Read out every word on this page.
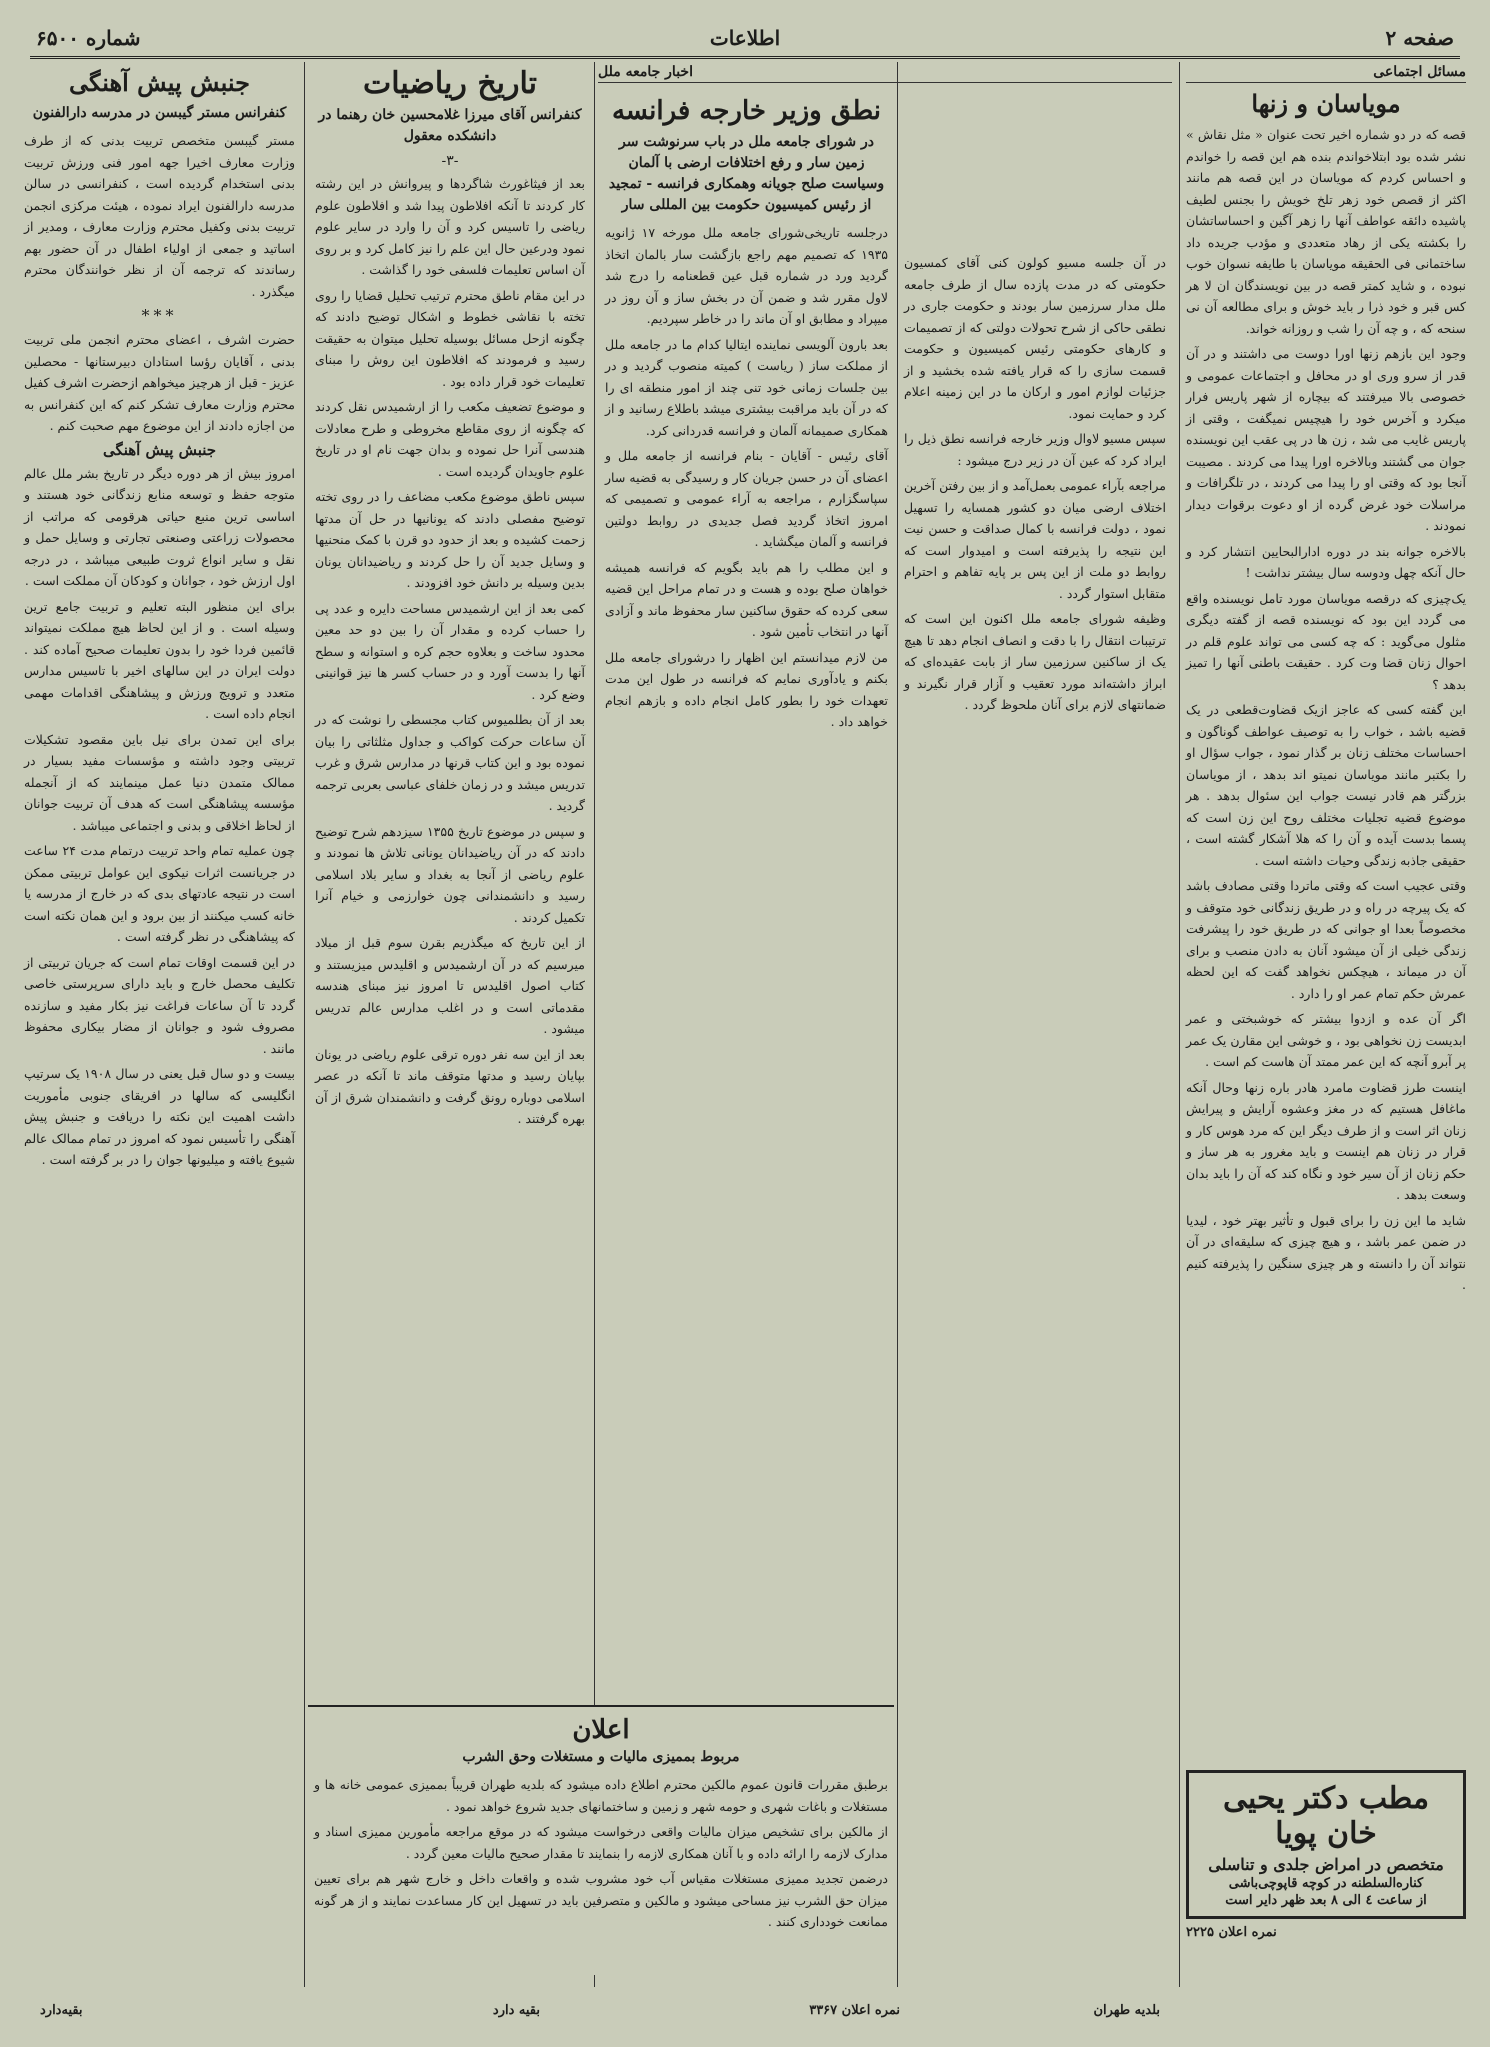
صفحه ۲
اطلاعات
شماره ۶۵۰۰
مسائل اجتماعی
مویاسان و زنها

قصه که در دو شماره اخیر تحت عنوان « مثل نقاش » نشر شده بود ابتلاخواندم بنده هم این قصه را خواندم و احساس کردم که مویاسان در این قصه هم مانند اکثر از قصص خود زهر تلخ خویش را بجنس لطیف پاشیده دائقه عواطف آنها را زهر آگین و احساساتشان را بکشته یکی از رهاد متعددی و مؤدب جریده داد ساختمانی فی الحقیقه مویاسان با طایفه نسوان خوب نبوده ، و شاید کمتر قصه در بین نویسندگان ان لا هر کس قبر و خود ذرا ر باید خوش و برای مطالعه آن نی سنحه که ، و چه آن را شب و روزانه خواند.

وجود این بازهم زنها اورا دوست می داشتند و در آن قدر از سرو وری او در محافل و اجتماعات عمومی و خصوصی بالا میرفتند که بیچاره از شهر پاریس فرار میکرد و آخرس خود را هیچیس نمیگفت ، وقتی از پاریس غایب می شد ، زن ها در پی عقب این نویسنده جوان می گشتند وبالاخره اورا پیدا می کردند . مصیبت آنجا بود که وقتی او را پیدا می کردند ، در تلگرافات و مراسلات خود غرض گرده از او دعوت برقوات دیدار نمودند .

بالاخره جوانه بند در دوره ادارالبحایین انتشار کرد و حال آنکه چهل ودوسه سال بیشتر نداشت !

یک‌چیزی که درقصه مویاسان مورد تامل نویسنده واقع می گردد این بود که نویسنده قصه از گفته دیگری مثلول می‌گوید : که چه کسی می تواند علوم قلم در احوال زنان قضا وت کرد . حقیقت باطنی آنها را تمیز بدهد ؟

این گفته کسی که عاجز ازیک قضاوت‌قطعی در یک قضیه باشد ، خواب را به توصیف عواطف گوناگون و احساسات مختلف زنان بر گذار نمود ، جواب سؤال او را بکتبر مانند مویاسان نمیتو اند بدهد ، از مویاسان بزرگتر هم قادر نیست جواب این سئوال بدهد . هر موضوع قضیه تجلیات مختلف روح این زن است که پسما بدست آیده و آن را که هلا آشکار گشته است ، حقیقی جاذبه زندگی وحیات داشته است .

وقتی عجیب است که وقتی ماتردا وقتی مصادف باشد که یک پیرچه در راه و در طریق زندگانی خود متوقف و مخصوصاً بعدا او جوانی که در طریق خود را پیشرفت زندگی خیلی از آن میشود آنان به دادن منصب و برای آن در میماند ، هیچکس نخواهد گفت که این لحظه عمرش حکم تمام عمر او را دارد .

اگر آن عده و ازدوا بیشتر که خوشبختی و عمر ابدیست زن نخواهی بود ، و خوشی این مقارن یک عمر پر آبرو آنچه که این عمر ممتد آن هاست کم است .

اینست طرز قضاوت مامرد هادر باره زنها وحال آنکه ماغافل هستیم که در مغز وعشوه آرایش و پیرایش زنان اثر است و از طرف دیگر این که مرد هوس کار و قرار در زنان هم اینست و باید مغرور به هر ساز و حکم زنان از آن سیر خود و نگاه کند که آن را باید بدان وسعت بدهد .

شاید ما این زن را برای قبول و تأثیر بهتر خود ، لیدیا در ضمن عمر باشد ، و هیچ چیزی که سلیقه‌ای در آن نتواند آن را دانسته و هر چیزی سنگین را پذیرفته کنیم .

مطب دکتر یحیی خان پویا
متخصص در امراض جلدی و تناسلی
کناره‌السلطنه در کوچه قاپوچی‌باشی
از ساعت ٤ الی ٨ بعد ظهر دایر است
نمره اعلان ۲۲۲۵
اخبار جامعه ملل
نطق وزیر خارجه فرانسه
در شورای جامعه ملل در باب سرنوشت سر زمین سار و رفع اختلافات ارضی با آلمان وسیاست صلح جویانه وهمکاری فرانسه - تمجید از رئیس کمیسیون حکومت بین المللی سار

درجلسه تاریخی‌شورای جامعه ملل مورخه ۱۷ ژانویه ۱۹۳۵ که تصمیم مهم راجع بازگشت سار بالمان اتخاذ گردید ورد در شماره قبل عین قطعنامه را درج شد لاول مقرر شد و ضمن آن در بخش ساز و آن روز در میپراد و مطابق او آن ماند را در خاطر سپردیم.

بعد بارون آلویسی نماینده ایتالیا کدام ما در جامعه ملل از مملکت ساز ( ریاست ) کمیته منصوب گردید و در بین جلسات زمانی خود تنی چند از امور منطقه ای را که در آن باید مراقبت بیشتری میشد باطلاع رسانید و از همکاری صمیمانه آلمان و فرانسه قدردانی کرد.

آقای رئیس - آقایان - بنام فرانسه از جامعه ملل و اعضای آن در حسن جریان کار و رسیدگی به قضیه سار سپاسگزارم ، مراجعه به آراء عمومی و تصمیمی که امروز اتخاذ گردید فصل جدیدی در روابط دولتین فرانسه و آلمان میگشاید .

و این مطلب را هم باید بگویم که فرانسه همیشه خواهان صلح بوده و هست و در تمام مراحل این قضیه سعی کرده که حقوق ساکنین سار محفوظ ماند و آزادی آنها در انتخاب تأمین شود .

من لازم میدانستم این اظهار را درشورای جامعه ملل بکنم و یادآوری نمایم که فرانسه در طول این مدت تعهدات خود را بطور کامل انجام داده و بازهم انجام خواهد داد .

در آن جلسه مسیو کولون کنی آقای کمسیون حکومتی که در مدت پازده سال از طرف جامعه ملل مدار سرزمین سار بودند و حکومت جاری در نطقی حاکی از شرح تحولات دولتی که از تصمیمات و کارهای حکومتی رئیس کمیسیون و حکومت قسمت سازی را که قرار یافته شده بخشید و از جزئیات لوازم امور و ارکان ما در این زمینه اعلام کرد و حمایت نمود.

سپس مسیو لاوال وزیر خارجه فرانسه نطق ذیل را ایراد کرد که عین آن در زیر درج میشود :

مراجعه بآراء عمومی بعمل‌آمد و از بین رفتن آخرین اختلاف ارضی میان دو کشور همسایه را تسهیل نمود ، دولت فرانسه با کمال صداقت و حسن نیت این نتیجه را پذیرفته است و امیدوار است که روابط دو ملت از این پس بر پایه تفاهم و احترام متقابل استوار گردد .

وظیفه شورای جامعه ملل اکنون این است که ترتیبات انتقال را با دقت و انصاف انجام دهد تا هیچ یک از ساکنین سرزمین سار از بابت عقیده‌ای که ابراز داشته‌اند مورد تعقیب و آزار قرار نگیرند و ضمانتهای لازم برای آنان ملحوظ گردد .

تاریخ ریاضیات
کنفرانس آقای میرزا غلامحسین خان رهنما در دانشکده معقول
-۳-

بعد از فیثاغورث شاگردها و پیروانش در این رشته کار کردند تا آنکه افلاطون پیدا شد و افلاطون علوم ریاضی را تاسیس کرد و آن را وارد در سایر علوم نمود ودرعین حال این علم را نیز کامل کرد و بر روی آن اساس تعلیمات فلسفی خود را گذاشت .

در این مقام ناطق محترم ترتیب تحلیل قضایا را روی تخته با نقاشی خطوط و اشکال توضیح دادند که چگونه ازحل مسائل بوسیله تحلیل میتوان به حقیقت رسید و فرمودند که افلاطون این روش را مبنای تعلیمات خود قرار داده بود .

و موضوع تضعیف مکعب را از ارشمیدس نقل کردند که چگونه از روی مقاطع مخروطی و طرح معادلات هندسی آنرا حل نموده و بدان جهت نام او در تاریخ علوم جاویدان گردیده است .

سپس ناطق موضوع مکعب مضاعف را در روی تخته توضیح مفصلی دادند که یونانیها در حل آن مدتها زحمت کشیده و بعد از حدود دو قرن با کمک منحنیها و وسایل جدید آن را حل کردند و ریاضیدانان یونان بدین وسیله بر دانش خود افزودند .

کمی بعد از این ارشمیدس مساحت دایره و عدد پی را حساب کرده و مقدار آن را بین دو حد معین محدود ساخت و بعلاوه حجم کره و استوانه و سطح آنها را بدست آورد و در حساب کسر ها نیز قوانینی وضع کرد .

بعد از آن بطلمیوس کتاب مجسطی را نوشت که در آن ساعات حرکت کواکب و جداول مثلثاتی را بیان نموده بود و این کتاب قرنها در مدارس شرق و غرب تدریس میشد و در زمان خلفای عباسی بعربی ترجمه گردید .

و سپس در موضوع تاریخ ۱۳۵۵ سیزدهم شرح توضیح دادند که در آن ریاضیدانان یونانی تلاش ها نمودند و علوم ریاضی از آنجا به بغداد و سایر بلاد اسلامی رسید و دانشمندانی چون خوارزمی و خیام آنرا تکمیل کردند .

از این تاریخ که میگذریم بقرن سوم قبل از میلاد میرسیم که در آن ارشمیدس و اقلیدس میزیستند و کتاب اصول اقلیدس تا امروز نیز مبنای هندسه مقدماتی است و در اغلب مدارس عالم تدریس میشود .

بعد از این سه نفر دوره ترقی علوم ریاضی در یونان بپایان رسید و مدتها متوقف ماند تا آنکه در عصر اسلامی دوباره رونق گرفت و دانشمندان شرق از آن بهره گرفتند .

جنبش پیش آهنگی
کنفرانس مستر گیبسن در مدرسه دارالفنون

مستر گیبسن متخصص تربیت بدنی که از طرف وزارت معارف اخیرا جهه امور فنی ورزش تربیت بدنی استخدام گردیده است ، کنفرانسی در سالن مدرسه دارالفنون ایراد نموده ، هیئت مرکزی انجمن تربیت بدنی وکفیل محترم وزارت معارف ، ومدیر از اساتید و جمعی از اولیاء اطفال در آن حضور بهم رساندند که ترجمه آن از نظر خوانندگان محترم میگذرد .

***

حضرت اشرف ، اعضای محترم انجمن ملی تربیت بدنی ، آقایان رؤسا استادان دبیرستانها - محصلین عزیز - قبل از هرچیز میخواهم ازحضرت اشرف کفیل محترم وزارت معارف تشکر کنم که این کنفرانس به من اجازه دادند از این موضوع مهم صحبت کنم .

جنبش پیش آهنگی

امروز بیش از هر دوره دیگر در تاریخ بشر ملل عالم متوجه حفظ و توسعه منابع زندگانی خود هستند و اساسی ترین منبع حیاتی هرقومی که مراتب از محصولات زراعتی وصنعتی تجارتی و وسایل حمل و نقل و سایر انواع ثروت طبیعی میباشد ، در درجه اول ارزش خود ، جوانان و کودکان آن مملکت است .

برای این منظور البته تعلیم و تربیت جامع ترین وسیله است . و از این لحاظ هیچ مملکت نمیتواند قائمین فردا خود را بدون تعلیمات صحیح آماده کند . دولت ایران در این سالهای اخیر با تاسیس مدارس متعدد و ترویج ورزش و پیشاهنگی اقدامات مهمی انجام داده است .

برای این تمدن برای نیل باین مقصود تشکیلات تربیتی وجود داشته و مؤسسات مفید بسیار در ممالک متمدن دنیا عمل مینمایند که از آنجمله مؤسسه پیشاهنگی است که هدف آن تربیت جوانان از لحاظ اخلاقی و بدنی و اجتماعی میباشد .

چون عملیه تمام واحد تربیت درتمام مدت ۲۴ ساعت در جریانست اثرات نیکوی این عوامل تربیتی ممکن است در نتیجه عادتهای بدی که در خارج از مدرسه یا خانه کسب میکنند از بین برود و این همان نکته است که پیشاهنگی در نظر گرفته است .

در این قسمت اوقات تمام است که جریان تربیتی از تکلیف محصل خارج و باید دارای سرپرستی خاصی گردد تا آن ساعات فراغت نیز بکار مفید و سازنده مصروف شود و جوانان از مضار بیکاری محفوظ مانند .

بیست و دو سال قبل یعنی در سال ۱۹۰۸ یک سرتیپ انگلیسی که سالها در افریقای جنوبی مأموریت داشت اهمیت این نکته را دریافت و جنبش پیش آهنگی را تأسیس نمود که امروز در تمام ممالک عالم شیوع یافته و میلیونها جوان را در بر گرفته است .

اعلان
مربوط بممیزی مالیات و مستغلات وحق الشرب

برطبق مقررات قانون عموم مالکین محترم اطلاع داده میشود که بلدیه طهران قریباً بممیزی عمومی خانه ها و مستغلات و باغات شهری و حومه شهر و زمین و ساختمانهای جدید شروع خواهد نمود .

از مالکین برای تشخیص میزان مالیات واقعی درخواست میشود که در موقع مراجعه مأمورین ممیزی اسناد و مدارک لازمه را ارائه داده و با آنان همکاری لازمه را بنمایند تا مقدار صحیح مالیات معین گردد .

درضمن تجدید ممیزی مستغلات مقیاس آب خود مشروب شده و واقعات داخل و خارج شهر هم برای تعیین میزان حق الشرب نیز مساحی میشود و مالکین و متصرفین باید در تسهیل این کار مساعدت نمایند و از هر گونه ممانعت خودداری کنند .

بلدیه طهران
نمره اعلان ۳۳۶۷
بقیه دارد
بقیه‌دارد
